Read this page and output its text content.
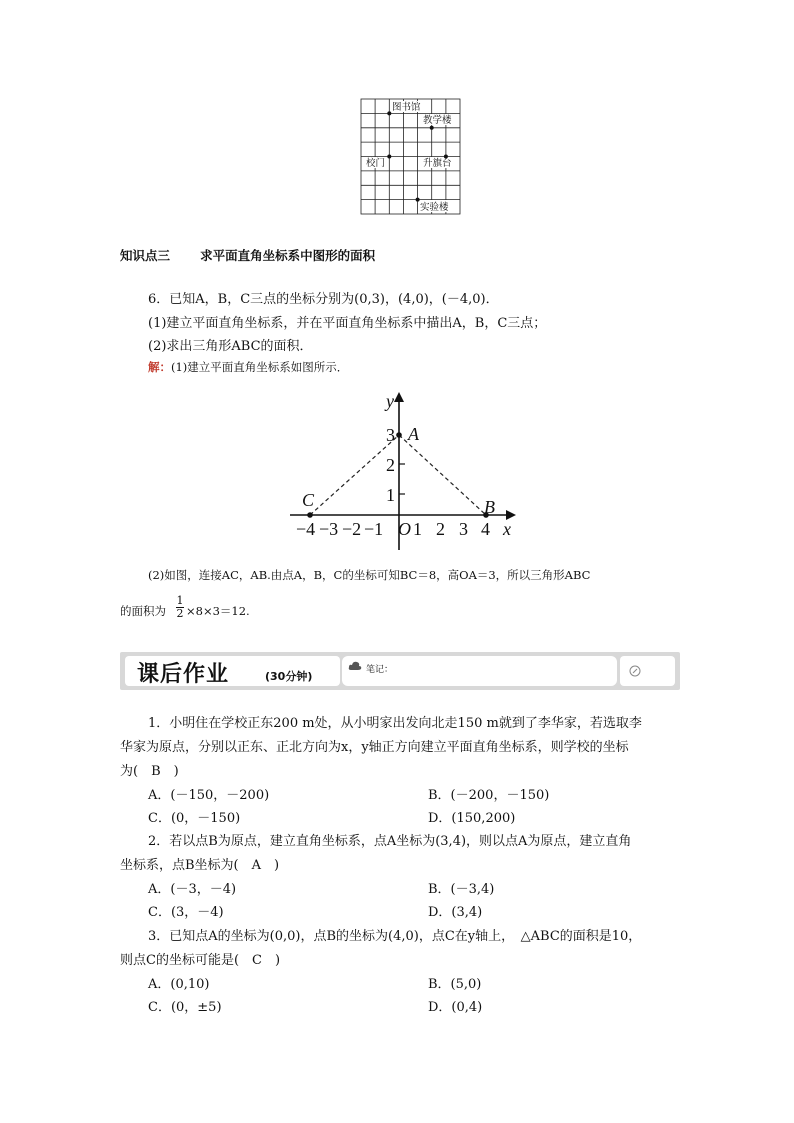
图书馆
教学楼
校门	升旗台
实验楼
知识点三 求平面直角坐标系中图形的面积
6．已知A，B，C三点的坐标分别为(0,3)，(4,0)，(－4,0)．
(1)建立平面直角坐标系，并在平面直角坐标系中描出A，B，C三点；
(2)求出三角形ABC的面积．
解：(1)建立平面直角坐标系如图所示．
y
x
A
B
C
O
3
2
1
−4 −3 −2 −1 1 2 3 4
(2)如图，连接AC，AB.由点A，B，C的坐标可知BC＝8，高OA＝3，所以三角形ABC
的面积为 $\frac{1}{2} \times 8\times 3=12$.
课后作业	(30分钟)	笔记：
1．小明住在学校正东200 m处，从小明家出发向北走150 m就到了李华家，若选取李
华家为原点，分别以正东、正北方向为x，y轴正方向建立平面直角坐标系，则学校的坐标
为(　B　)
A．(－150，－200)	B．(－200，－150)
C．(0，－150)	D．(150,200)
2．若以点B为原点，建立直角坐标系，点A坐标为(3,4)，则以点A为原点，建立直角
坐标系，点B坐标为(　A　)
A．(－3，－4)	B．(－3,4)
C．(3，－4)	D．(3,4)
3．已知点A的坐标为(0,0)，点B的坐标为(4,0)，点C在y轴上，　△ABC的面积是10，
则点C的坐标可能是(　C　)
A．(0,10)	B．(5,0)
C．(0，±5)	D．(0,4)
